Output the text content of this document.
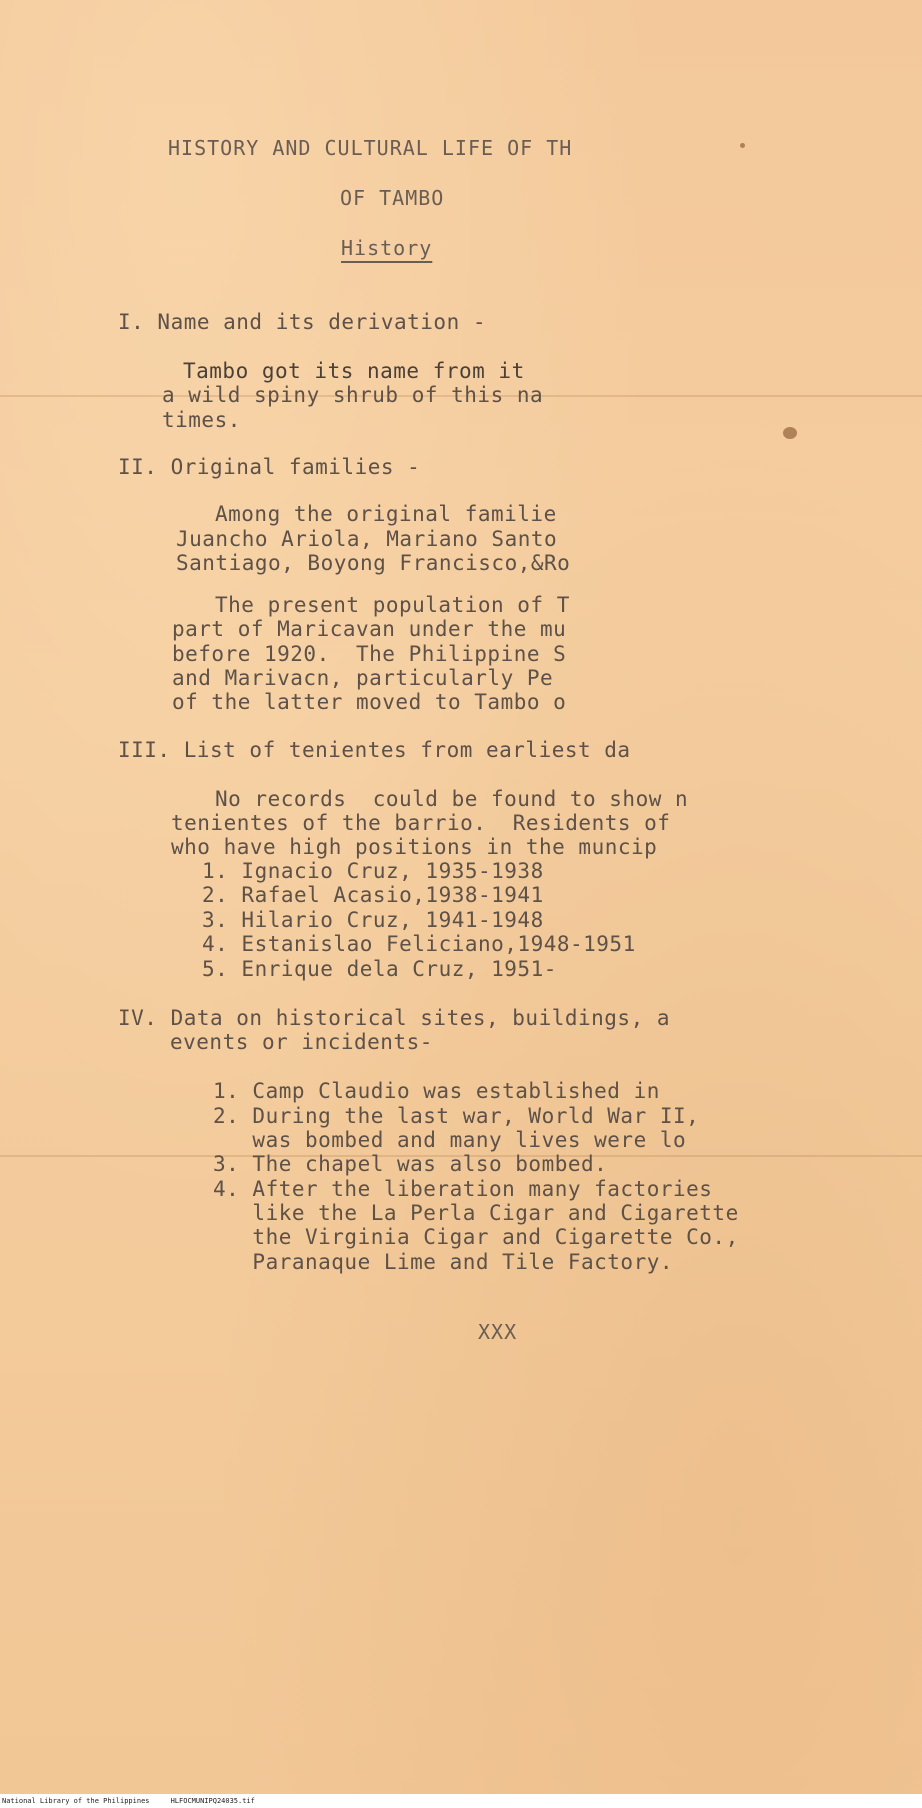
HISTORY AND CULTURAL LIFE OF TH
OF TAMBO
History
I. Name and its derivation -
Tambo got its name from it
a wild spiny shrub of this na
times.
II. Original families -
Among the original familie
Juancho Ariola, Mariano Santo
Santiago, Boyong Francisco,&Ro
The present population of T
part of Maricavan under the mu
before 1920.  The Philippine S
and Marivacn, particularly Pe
of the latter moved to Tambo o
III. List of tenientes from earliest da
No records  could be found to show n
tenientes of the barrio.  Residents of
who have high positions in the muncip
1. Ignacio Cruz, 1935-1938
2. Rafael Acasio,1938-1941
3. Hilario Cruz, 1941-1948
4. Estanislao Feliciano,1948-1951
5. Enrique dela Cruz, 1951-
IV. Data on historical sites, buildings, a
events or incidents-
1. Camp Claudio was established in
2. During the last war, World War II,
was bombed and many lives were lo
3. The chapel was also bombed.
4. After the liberation many factories
like the La Perla Cigar and Cigarette
the Virginia Cigar and Cigarette Co.,
Paranaque Lime and Tile Factory.
XXX
National Library of the Philippines	HLFOCMUNIPQ24035.tif
